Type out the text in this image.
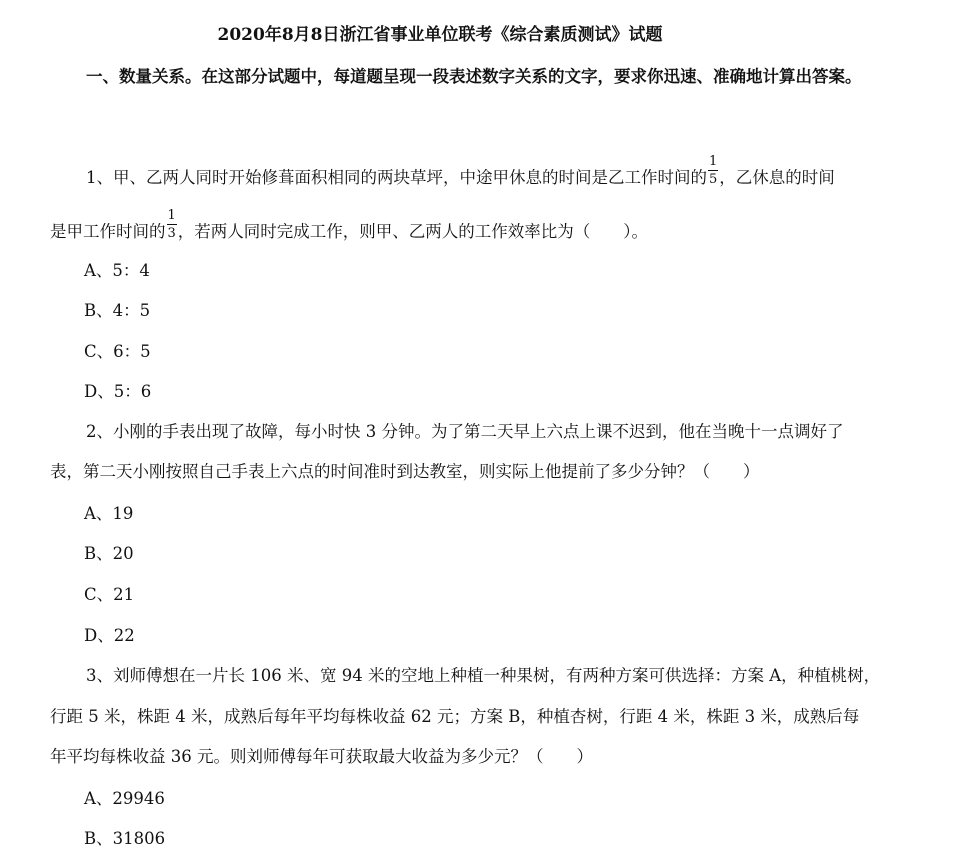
2020年8月8日浙江省事业单位联考《综合素质测试》试题
一、数量关系。在这部分试题中，每道题呈现一段表述数字关系的文字，要求你迅速、准确地计算出答案。
1、甲、乙两人同时开始修葺面积相同的两块草坪，中途甲休息的时间是乙工作时间的 $\frac{1}{5}$ ，乙休息的时间
是甲工作时间的 $\frac{1}{3}$ ，若两人同时完成工作，则甲、乙两人的工作效率比为（　　）。
A、5：4
B、4：5
C、6：5
D、5：6
2、小刚的手表出现了故障，每小时快 3 分钟。为了第二天早上六点上课不迟到，他在当晚十一点调好了
表，第二天小刚按照自己手表上六点的时间准时到达教室，则实际上他提前了多少分钟？（　　）
A、19
B、20
C、21
D、22
3、刘师傅想在一片长 106 米、宽 94 米的空地上种植一种果树，有两种方案可供选择：方案 A，种植桃树，
行距 5 米，株距 4 米，成熟后每年平均每株收益 62 元；方案 B，种植杏树，行距 4 米，株距 3 米，成熟后每
年平均每株收益 36 元。则刘师傅每年可获取最大收益为多少元？（　　）
A、29946
B、31806
